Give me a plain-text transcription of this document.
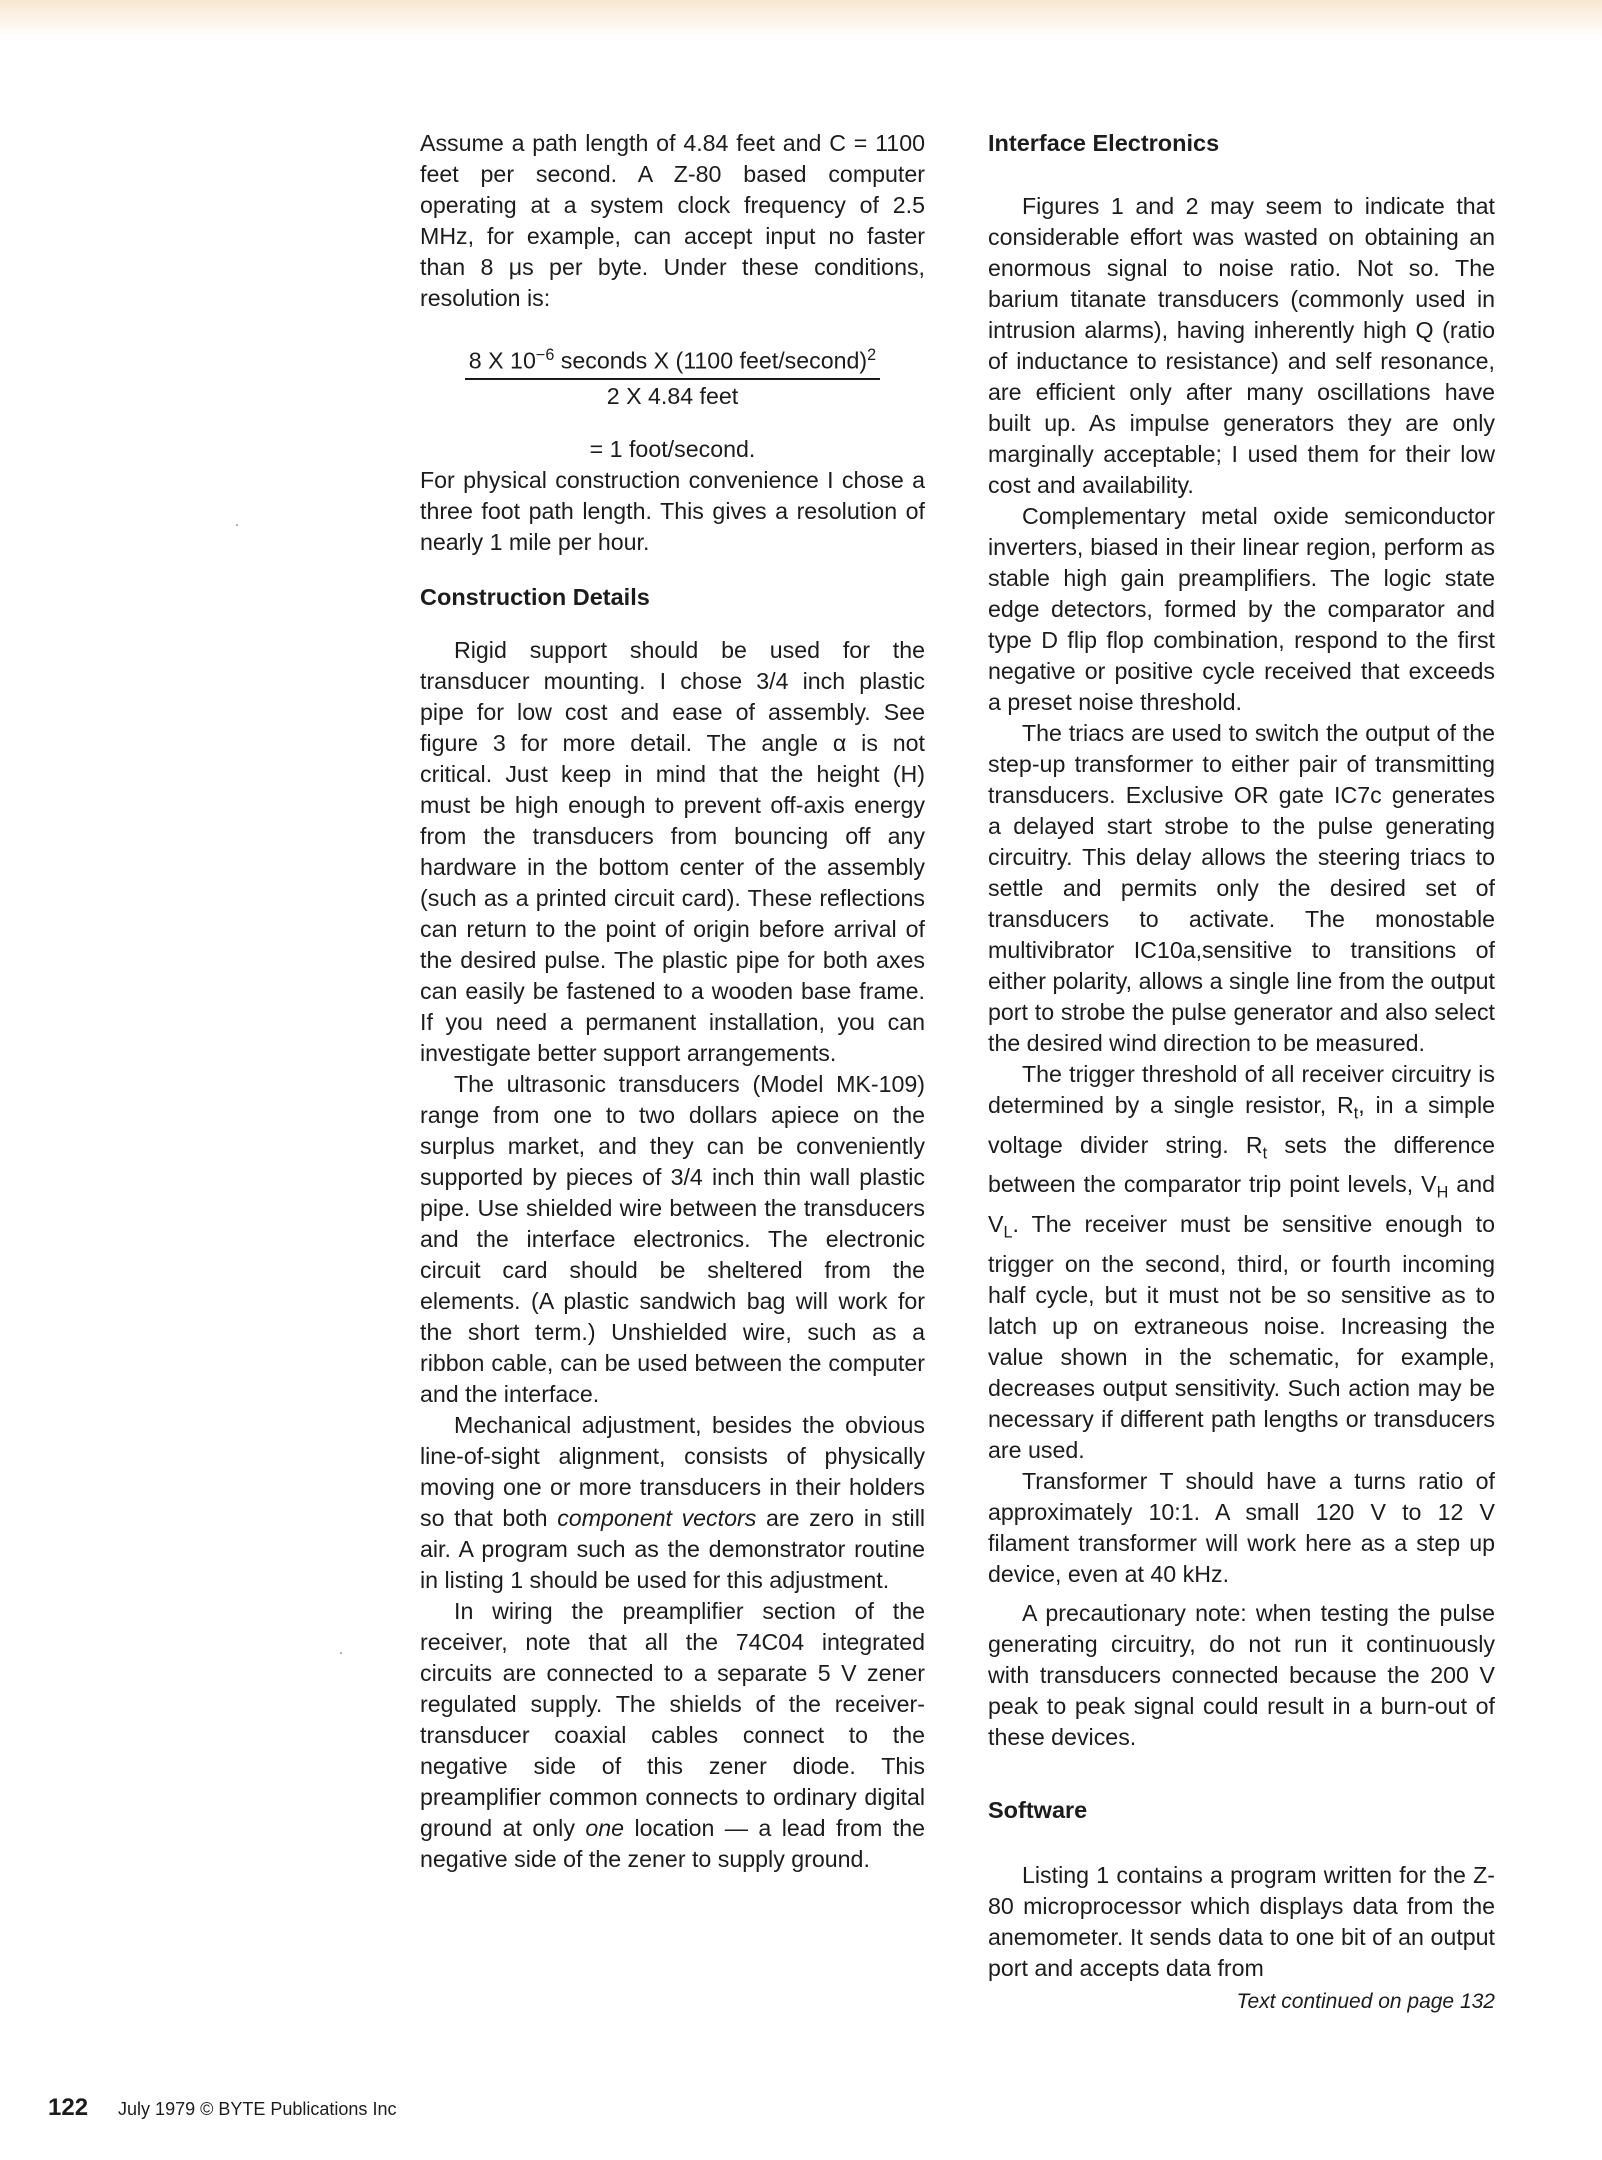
Assume a path length of 4.84 feet and C = 1100 feet per second. A Z-80 based computer operating at a system clock frequency of 2.5 MHz, for example, can accept input no faster than 8 μs per byte. Under these conditions, resolution is:

$\frac{8 X 10^{-6} seconds X (1100 feet/second)^2}{\text{2 X 4.84 feet}}$

= 1 foot/second.

For physical construction convenience I chose a three foot path length. This gives a resolution of nearly 1 mile per hour.

Construction Details

Rigid support should be used for the transducer mounting. I chose 3/4 inch plastic pipe for low cost and ease of assembly. See figure 3 for more detail. The angle α is not critical. Just keep in mind that the height (H) must be high enough to prevent off-axis energy from the transducers from bouncing off any hardware in the bottom center of the assembly (such as a printed circuit card). These reflections can return to the point of origin before arrival of the desired pulse. The plastic pipe for both axes can easily be fastened to a wooden base frame. If you need a permanent installation, you can investigate better support arrangements.

The ultrasonic transducers (Model MK-109) range from one to two dollars apiece on the surplus market, and they can be conveniently supported by pieces of 3/4 inch thin wall plastic pipe. Use shielded wire between the transducers and the interface electronics. The electronic circuit card should be sheltered from the elements. (A plastic sandwich bag will work for the short term.) Unshielded wire, such as a ribbon cable, can be used between the computer and the interface.

Mechanical adjustment, besides the obvious line-of-sight alignment, consists of physically moving one or more transducers in their holders so that both component vectors are zero in still air. A program such as the demonstrator routine in listing 1 should be used for this adjustment.

In wiring the preamplifier section of the receiver, note that all the 74C04 integrated circuits are connected to a separate 5 V zener regulated supply. The shields of the receiver-transducer coaxial cables connect to the negative side of this zener diode. This preamplifier common connects to ordinary digital ground at only one location — a lead from the negative side of the zener to supply ground.

Interface Electronics

Figures 1 and 2 may seem to indicate that considerable effort was wasted on obtaining an enormous signal to noise ratio. Not so. The barium titanate transducers (commonly used in intrusion alarms), having inherently high Q (ratio of inductance to resistance) and self resonance, are efficient only after many oscillations have built up. As impulse generators they are only marginally acceptable; I used them for their low cost and availability.

Complementary metal oxide semiconductor inverters, biased in their linear region, perform as stable high gain preamplifiers. The logic state edge detectors, formed by the comparator and type D flip flop combination, respond to the first negative or positive cycle received that exceeds a preset noise threshold.

The triacs are used to switch the output of the step-up transformer to either pair of transmitting transducers. Exclusive OR gate IC7c generates a delayed start strobe to the pulse generating circuitry. This delay allows the steering triacs to settle and permits only the desired set of transducers to activate. The monostable multivibrator IC10a,sensitive to transitions of either polarity, allows a single line from the output port to strobe the pulse generator and also select the desired wind direction to be measured.

The trigger threshold of all receiver circuitry is determined by a single resistor, $R_t$, in a simple voltage divider string. $R_t$ sets the difference between the comparator trip point levels, $V_H$ and $V_L$. The receiver must be sensitive enough to trigger on the second, third, or fourth incoming half cycle, but it must not be so sensitive as to latch up on extraneous noise. Increasing the value shown in the schematic, for example, decreases output sensitivity. Such action may be necessary if different path lengths or transducers are used.

Transformer T should have a turns ratio of approximately 10:1. A small 120 V to 12 V filament transformer will work here as a step up device, even at 40 kHz.

A precautionary note: when testing the pulse generating circuitry, do not run it continuously with transducers connected because the 200 V peak to peak signal could result in a burn-out of these devices.

Software

Listing 1 contains a program written for the Z-80 microprocessor which displays data from the anemometer. It sends data to one bit of an output port and accepts data from

Text continued on page 132

122 July 1979 © BYTE Publications Inc
